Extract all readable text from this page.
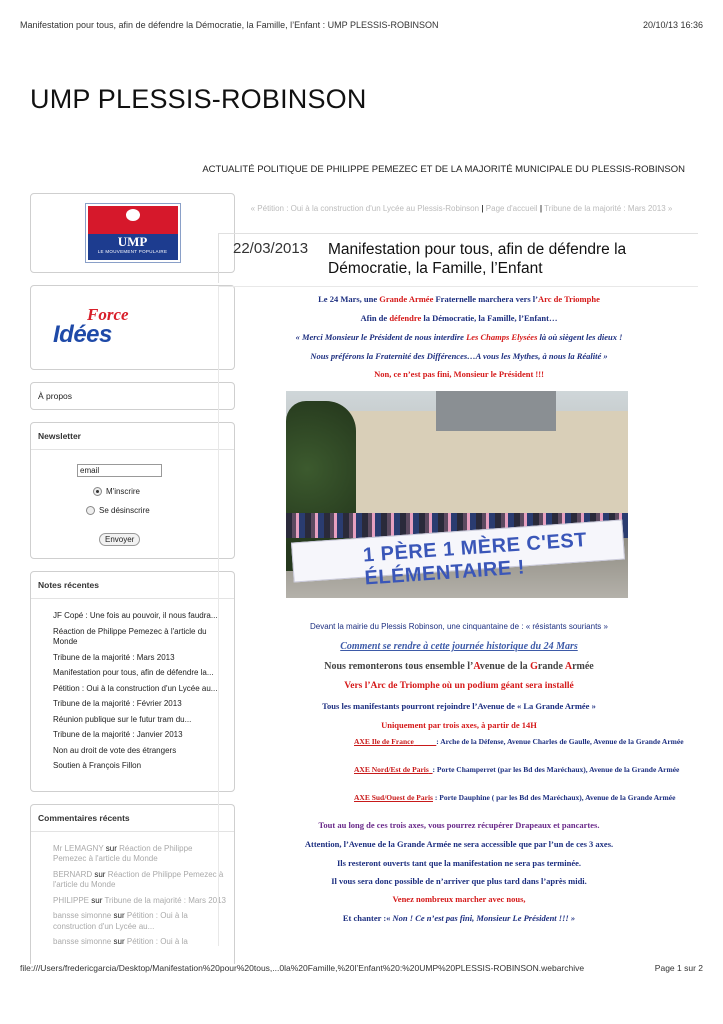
Manifestation pour tous, afin de défendre la Démocratie, la Famille, l’Enfant : UMP PLESSIS-ROBINSON	20/10/13 16:36
UMP PLESSIS-ROBINSON
ACTUALITÉ POLITIQUE DE PHILIPPE PEMEZEC ET DE LA MAJORITÉ MUNICIPALE DU PLESSIS-ROBINSON
UMP
LE MOUVEMENT POPULAIRE
Force
Idées
À propos
Newsletter
email
M'inscrire
Se désinscrire
Envoyer
Notes récentes
JF Copé : Une fois au pouvoir, il nous faudra...
Réaction de Philippe Pemezec à l'article du Monde
Tribune de la majorité : Mars 2013
Manifestation pour tous, afin de défendre la...
Pétition : Oui à la construction d'un Lycée au...
Tribune de la majorité : Février 2013
Réunion publique sur le futur tram du...
Tribune de la majorité : Janvier 2013
Non au droit de vote des étrangers
Soutien à François Fillon
Commentaires récents
Mr LEMAGNY sur Réaction de Philippe Pemezec à l'article du Monde
BERNARD sur Réaction de Philippe Pemezec à l'article du Monde
PHILIPPE sur Tribune de la majorité : Mars 2013
bansse simonne sur Pétition : Oui à la construction d'un Lycée au...
bansse simonne sur Pétition : Oui à la
« Pétition : Oui à la construction d'un Lycée au Plessis-Robinson | Page d'accueil | Tribune de la majorité : Mars 2013 »
22/03/2013 Manifestation pour tous, afin de défendre la Démocratie, la Famille, l’Enfant
Le 24 Mars, une Grande Armée Fraternelle marchera vers l’Arc de Triomphe
Afin de défendre la Démocratie, la Famille, l’Enfant…
« Merci Monsieur le Président de nous interdire Les Champs Elysées là où siègent les dieux !
Nous préférons la Fraternité des Différences…A vous les Mythes, à nous la Réalité »
Non, ce n’est pas fini, Monsieur le Président !!!
1 PÈRE 1 MÈRE C'EST ÉLÉMENTAIRE !
Devant la mairie du Plessis Robinson, une cinquantaine de : « résistants souriants »
Comment se rendre à cette journée historique du 24 Mars
Nous remonterons tous ensemble l’Avenue de la Grande Armée
Vers l’Arc de Triomphe où un podium géant sera installé
Tous les manifestants pourront rejoindre l’Avenue de « La Grande Armée »
Uniquement par trois axes, à partir de 14H
AXE Ile de France	: Arche de la Défense, Avenue Charles de Gaulle, Avenue de la Grande Armée
AXE Nord/Est de Paris : Porte Champerret (par les Bd des Maréchaux), Avenue de la Grande Armée
AXE Sud/Ouest de Paris : Porte Dauphine ( par les Bd des Maréchaux), Avenue de la Grande Armée
Tout au long de ces trois axes, vous pourrez récupérer Drapeaux et pancartes.
Attention, l’Avenue de la Grande Armée ne sera accessible que par l’un de ces 3 axes.
Ils resteront ouverts tant que la manifestation ne sera pas terminée.
Il vous sera donc possible de n’arriver que plus tard dans l’après midi.
Venez nombreux marcher avec nous,
Et chanter :« Non ! Ce n’est pas fini, Monsieur Le Président !!! »
file:///Users/fredericgarcia/Desktop/Manifestation%20pour%20tous,...0la%20Famille,%20l’Enfant%20:%20UMP%20PLESSIS-ROBINSON.webarchive	Page 1 sur 2
